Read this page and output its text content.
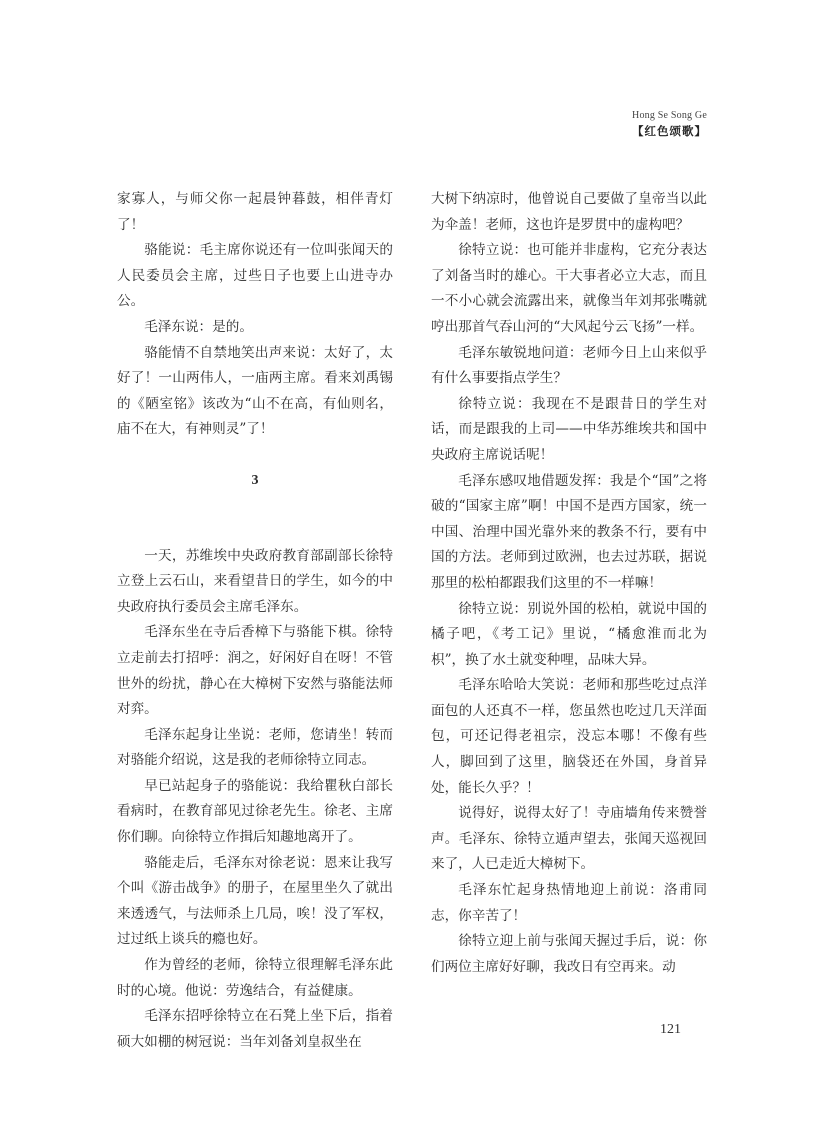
Hong Se Song Ge
【红色颂歌】

家寡人，与师父你一起晨钟暮鼓，相伴青灯了！

骆能说：毛主席你说还有一位叫张闻天的人民委员会主席，过些日子也要上山进寺办公。

毛泽东说：是的。

骆能情不自禁地笑出声来说：太好了，太好了！一山两伟人，一庙两主席。看来刘禹锡的《陋室铭》该改为“山不在高，有仙则名，庙不在大，有神则灵”了！

3

一天，苏维埃中央政府教育部副部长徐特立登上云石山，来看望昔日的学生，如今的中央政府执行委员会主席毛泽东。

毛泽东坐在寺后香樟下与骆能下棋。徐特立走前去打招呼：润之，好闲好自在呀！不管世外的纷扰，静心在大樟树下安然与骆能法师对弈。

毛泽东起身让坐说：老师，您请坐！转而对骆能介绍说，这是我的老师徐特立同志。

早已站起身子的骆能说：我给瞿秋白部长看病时，在教育部见过徐老先生。徐老、主席你们聊。向徐特立作揖后知趣地离开了。

骆能走后，毛泽东对徐老说：恩来让我写个叫《游击战争》的册子，在屋里坐久了就出来透透气，与法师杀上几局，唉！没了军权，过过纸上谈兵的瘾也好。

作为曾经的老师，徐特立很理解毛泽东此时的心境。他说：劳逸结合，有益健康。

毛泽东招呼徐特立在石凳上坐下后，指着硕大如棚的树冠说：当年刘备刘皇叔坐在

大树下纳凉时，他曾说自己要做了皇帝当以此为伞盖！老师，这也许是罗贯中的虚构吧？

徐特立说：也可能并非虚构，它充分表达了刘备当时的雄心。干大事者必立大志，而且一不小心就会流露出来，就像当年刘邦张嘴就哼出那首气吞山河的“大风起兮云飞扬”一样。

毛泽东敏锐地问道：老师今日上山来似乎有什么事要指点学生？

徐特立说：我现在不是跟昔日的学生对话，而是跟我的上司——中华苏维埃共和国中央政府主席说话呢！

毛泽东感叹地借题发挥：我是个“国”之将破的“国家主席”啊！中国不是西方国家，统一中国、治理中国光靠外来的教条不行，要有中国的方法。老师到过欧洲，也去过苏联，据说那里的松柏都跟我们这里的不一样嘛！

徐特立说：别说外国的松柏，就说中国的橘子吧，《考工记》里说，“橘愈淮而北为枳”，换了水土就变种哩，品味大异。

毛泽东哈哈大笑说：老师和那些吃过点洋面包的人还真不一样，您虽然也吃过几天洋面包，可还记得老祖宗，没忘本哪！不像有些人，脚回到了这里，脑袋还在外国，身首异处，能长久乎？！

说得好，说得太好了！寺庙墙角传来赞誉声。毛泽东、徐特立遁声望去，张闻天巡视回来了，人已走近大樟树下。

毛泽东忙起身热情地迎上前说：洛甫同志，你辛苦了！

徐特立迎上前与张闻天握过手后，说：你们两位主席好好聊，我改日有空再来。动

121
